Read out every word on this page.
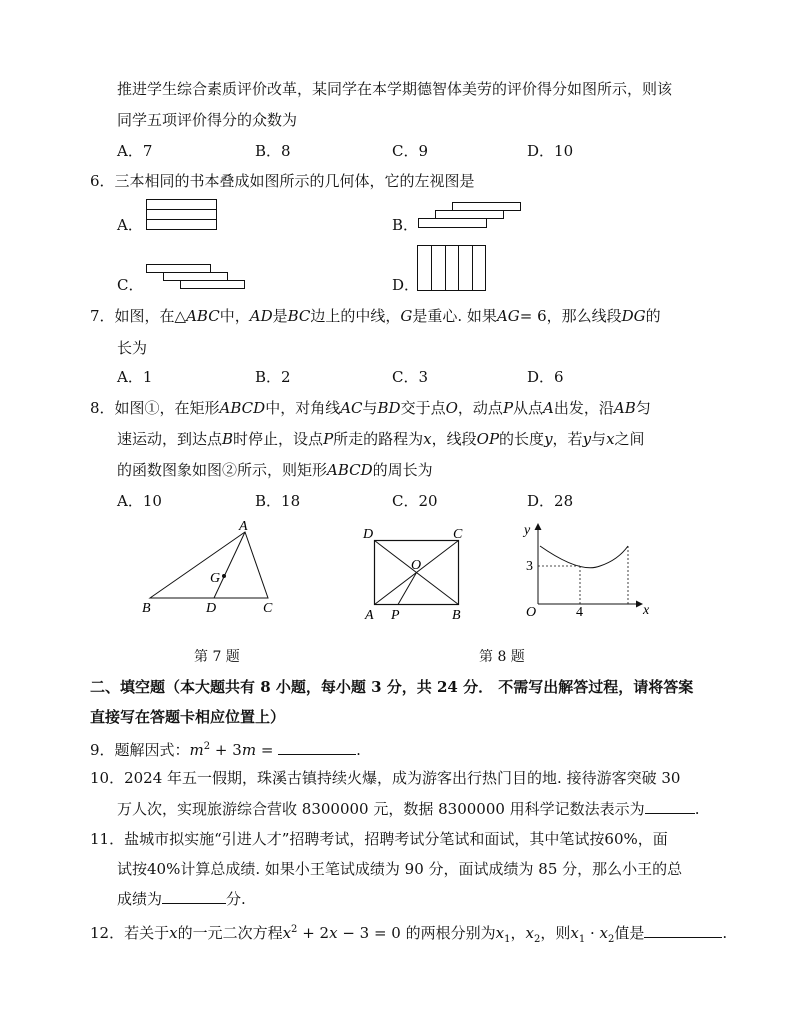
推进学生综合素质评价改革，某同学在本学期德智体美劳的评价得分如图所示，则该
同学五项评价得分的众数为
A．7	B．8	C．9	D．10
6．三本相同的书本叠成如图所示的几何体，它的左视图是
A．	B．
C．	D．
7．如图，在△ABC中，AD是BC边上的中线，G是重心. 如果AG= 6，那么线段DG的
长为
A．1	B．2	C．3	D．6
8．如图①，在矩形ABCD中，对角线AC与BD交于点O，动点P从点A出发，沿AB匀
速运动，到达点B时停止，设点P所走的路程为x，线段OP的长度y，若y与x之间
的函数图象如图②所示，则矩形ABCD的周长为
A．10	B．18	C．20	D．28
A
B	C
D
G
D	C
A	B
O
P
y
x
O
3
4
第 7 题	第 8 题
二、填空题（本大题共有 8 小题，每小题 3 分，共 24 分． 不需写出解答过程，请将答案
直接写在答题卡相应位置上）
9．题解因式：$m^2 + 3m$ =	.
10．2024 年五一假期，珠溪古镇持续火爆，成为游客出行热门目的地. 接待游客突破 30
万人次，实现旅游综合营收 8300000 元，数据 8300000 用科学记数法表示为	.
11．盐城市拟实施“引进人才”招聘考试，招聘考试分笔试和面试，其中笔试按60%，面
试按40%计算总成绩. 如果小王笔试成绩为 90 分，面试成绩为 85 分，那么小王的总
成绩为	分.
12．若关于x的一元二次方程$x^2 + 2x - 3 = 0$ 的两根分别为$x_1$，$x_2$，则$x_1 \cdot x_2$值是	.
